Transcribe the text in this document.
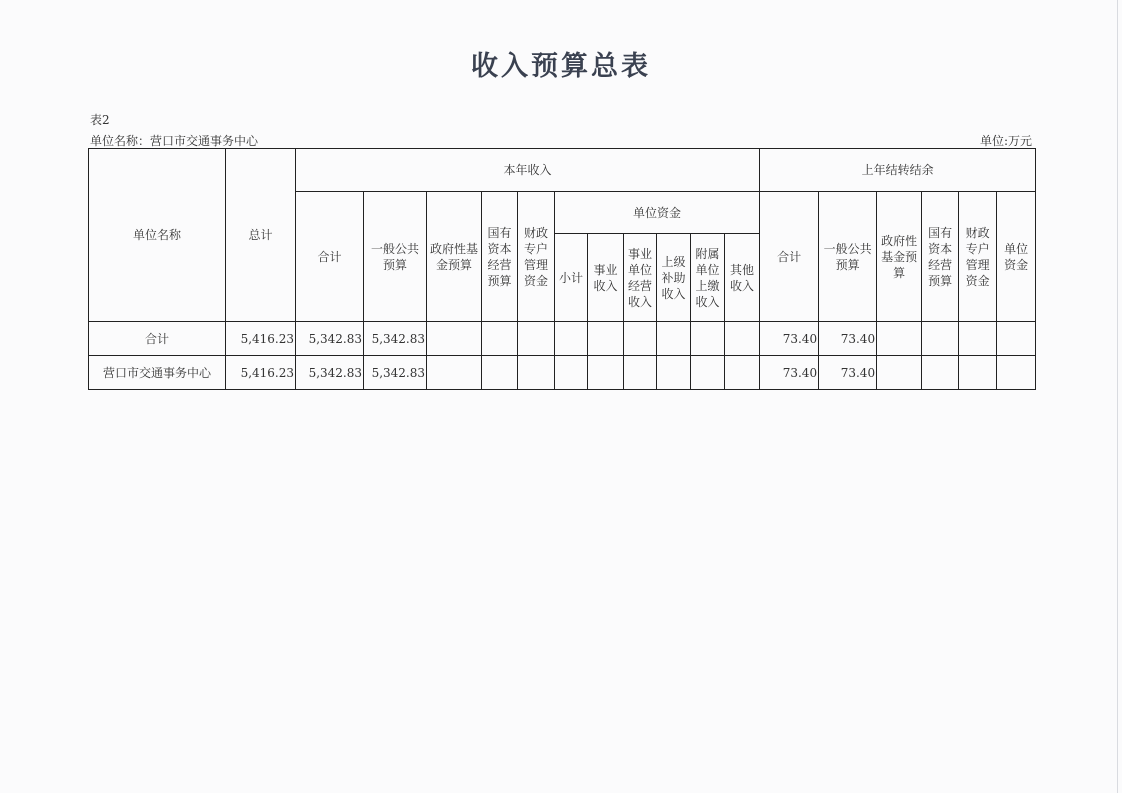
收入预算总表
表2
单位名称：营口市交通事务中心	单位:万元
单位名称	总计	本年收入											上年结转结余					
		合计	一般公共预算	政府性基金预算	国有资本经营预算	财政专户管理资金	单位资金						合计	一般公共预算	政府性基金预算	国有资本经营预算	财政专户管理资金	单位资金
							小计	事业收入	事业单位经营收入	上级补助收入	附属单位上缴收入	其他收入						

合计	5,416.23	5,342.83	5,342.83										73.40	73.40				
营口市交通事务中心	5,416.23	5,342.83	5,342.83										73.40	73.40				
